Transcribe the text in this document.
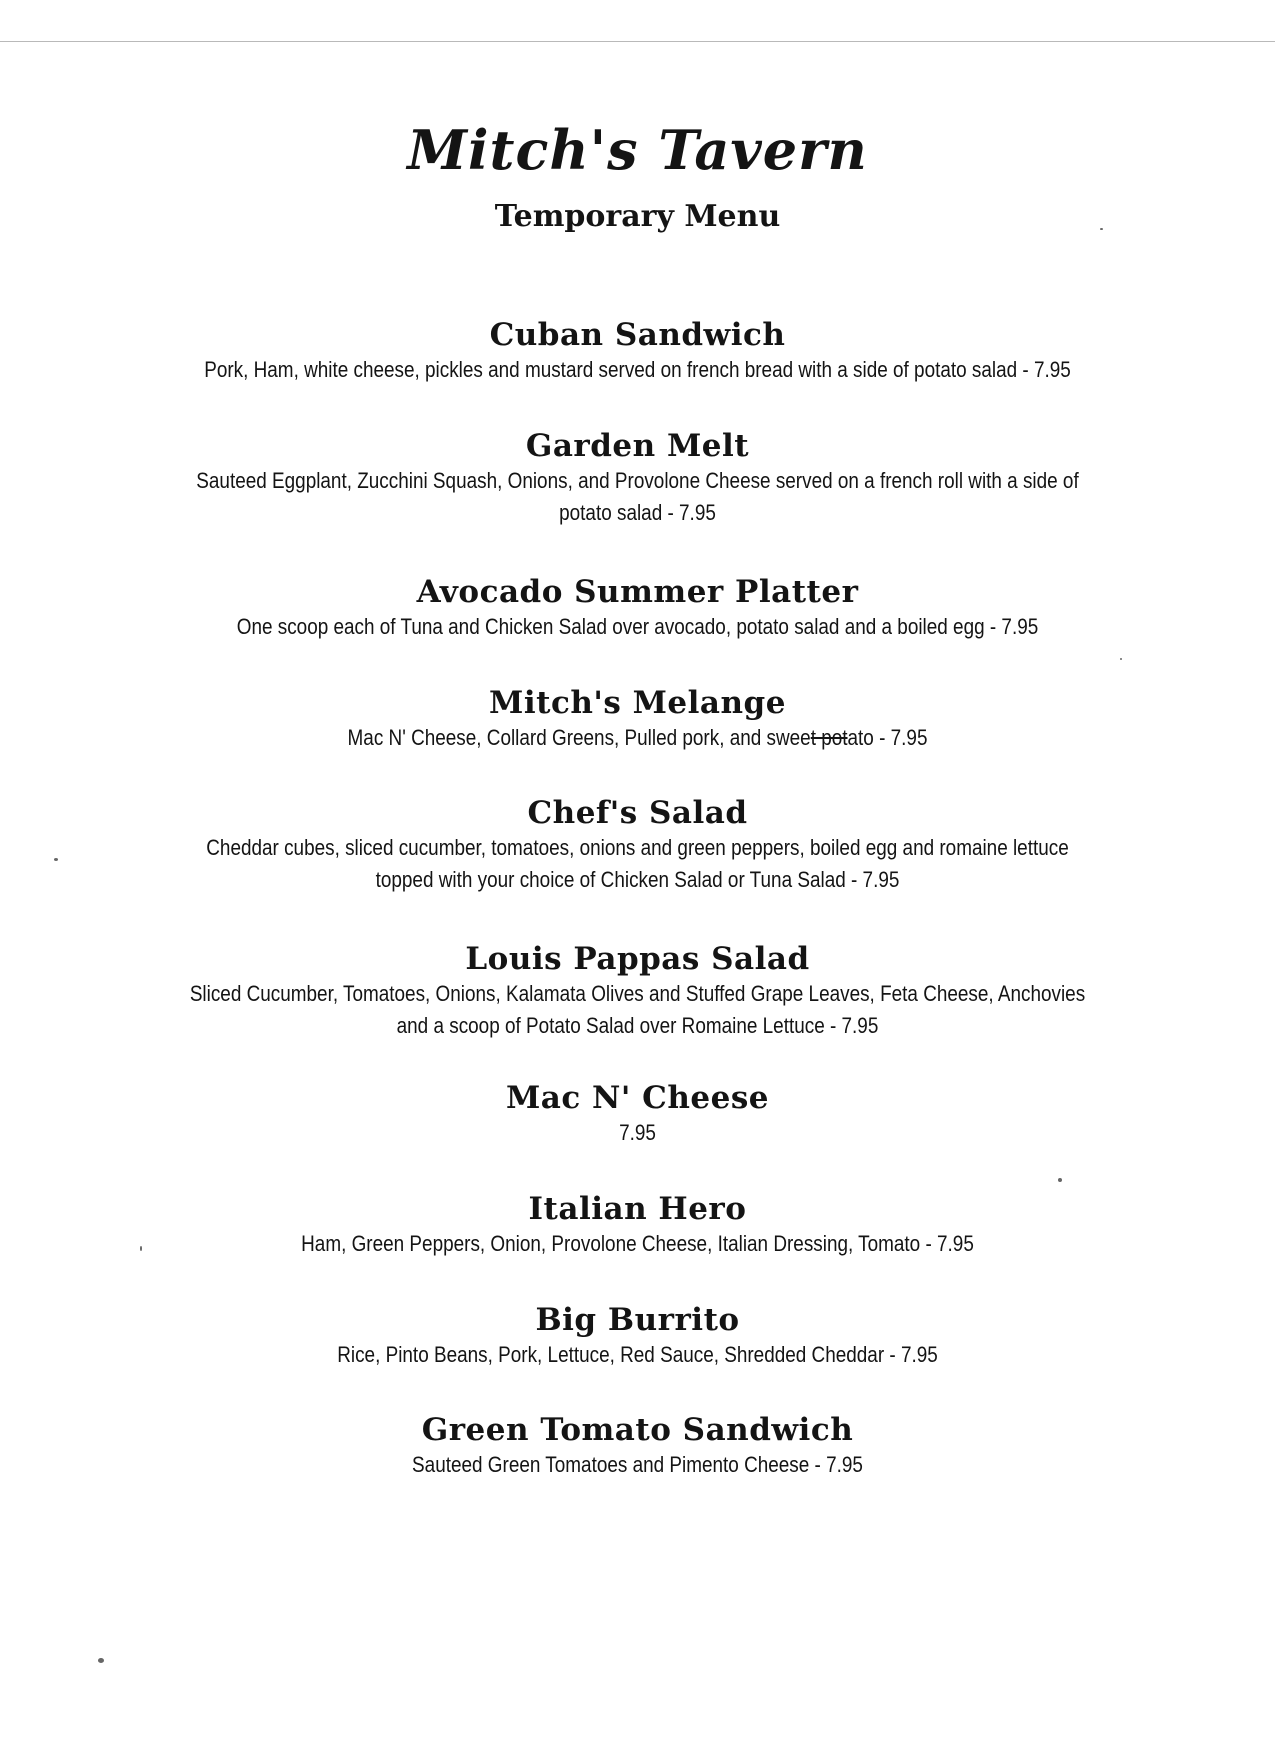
Mitch's Tavern
Temporary Menu
Cuban Sandwich
Pork, Ham, white cheese, pickles and mustard served on french bread with a side of potato salad - 7.95
Garden Melt
Sauteed Eggplant, Zucchini Squash, Onions, and Provolone Cheese served on a french roll with a side of
potato salad - 7.95
Avocado Summer Platter
One scoop each of Tuna and Chicken Salad over avocado, potato salad and a boiled egg - 7.95
Mitch's Melange
Mac N' Cheese, Collard Greens, Pulled pork, and sweet potato - 7.95
Chef's Salad
Cheddar cubes, sliced cucumber, tomatoes, onions and green peppers, boiled egg and romaine lettuce
topped with your choice of Chicken Salad or Tuna Salad - 7.95
Louis Pappas Salad
Sliced Cucumber, Tomatoes, Onions, Kalamata Olives and Stuffed Grape Leaves, Feta Cheese, Anchovies
and a scoop of Potato Salad over Romaine Lettuce - 7.95
Mac N' Cheese
7.95
Italian Hero
Ham, Green Peppers, Onion, Provolone Cheese, Italian Dressing, Tomato - 7.95
Big Burrito
Rice, Pinto Beans, Pork, Lettuce, Red Sauce, Shredded Cheddar - 7.95
Green Tomato Sandwich
Sauteed Green Tomatoes and Pimento Cheese - 7.95
